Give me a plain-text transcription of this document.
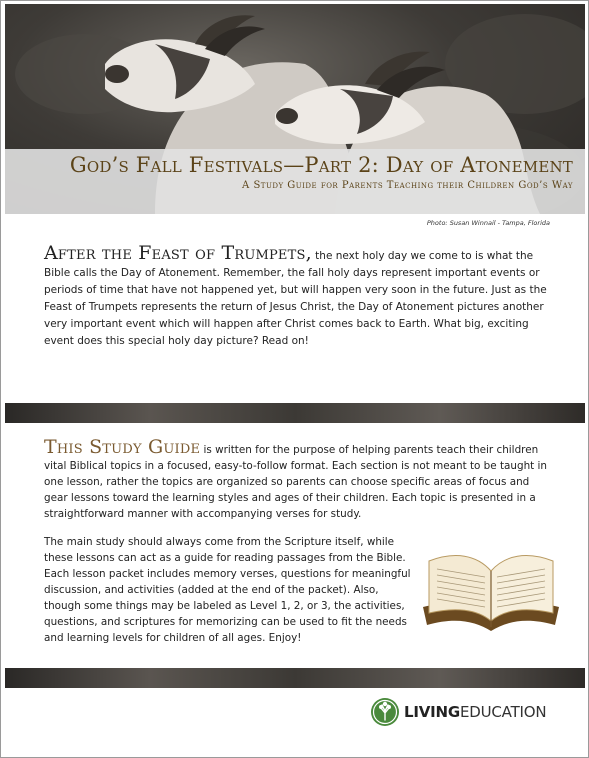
God’s Fall Festivals—Part 2: Day of Atonement
A Study Guide for Parents Teaching their Children God’s Way
Photo: Susan Winnail - Tampa, Florida
After the Feast of Trumpets, the next holy day we come to is what the Bible calls the Day of Atonement. Remember, the fall holy days represent important events or periods of time that have not happened yet, but will happen very soon in the future. Just as the Feast of Trumpets represents the return of Jesus Christ, the Day of Atonement pictures another very important event which will happen after Christ comes back to Earth. What big, exciting event does this special holy day picture? Read on!
This Study Guide is written for the purpose of helping parents teach their children vital Biblical topics in a focused, easy-to-follow format. Each section is not meant to be taught in one lesson, rather the topics are organized so parents can choose specific areas of focus and gear lessons toward the learning styles and ages of their children. Each topic is presented in a straightforward manner with accompanying verses for study.
The main study should always come from the Scripture itself, while these lessons can act as a guide for reading passages from the Bible. Each lesson packet includes memory verses, questions for meaningful discussion, and activities (added at the end of the packet). Also, though some things may be labeled as Level 1, 2, or 3, the activities, questions, and scriptures for memorizing can be used to fit the needs and learning levels for children of all ages. Enjoy!
LIVINGEDUCATION
